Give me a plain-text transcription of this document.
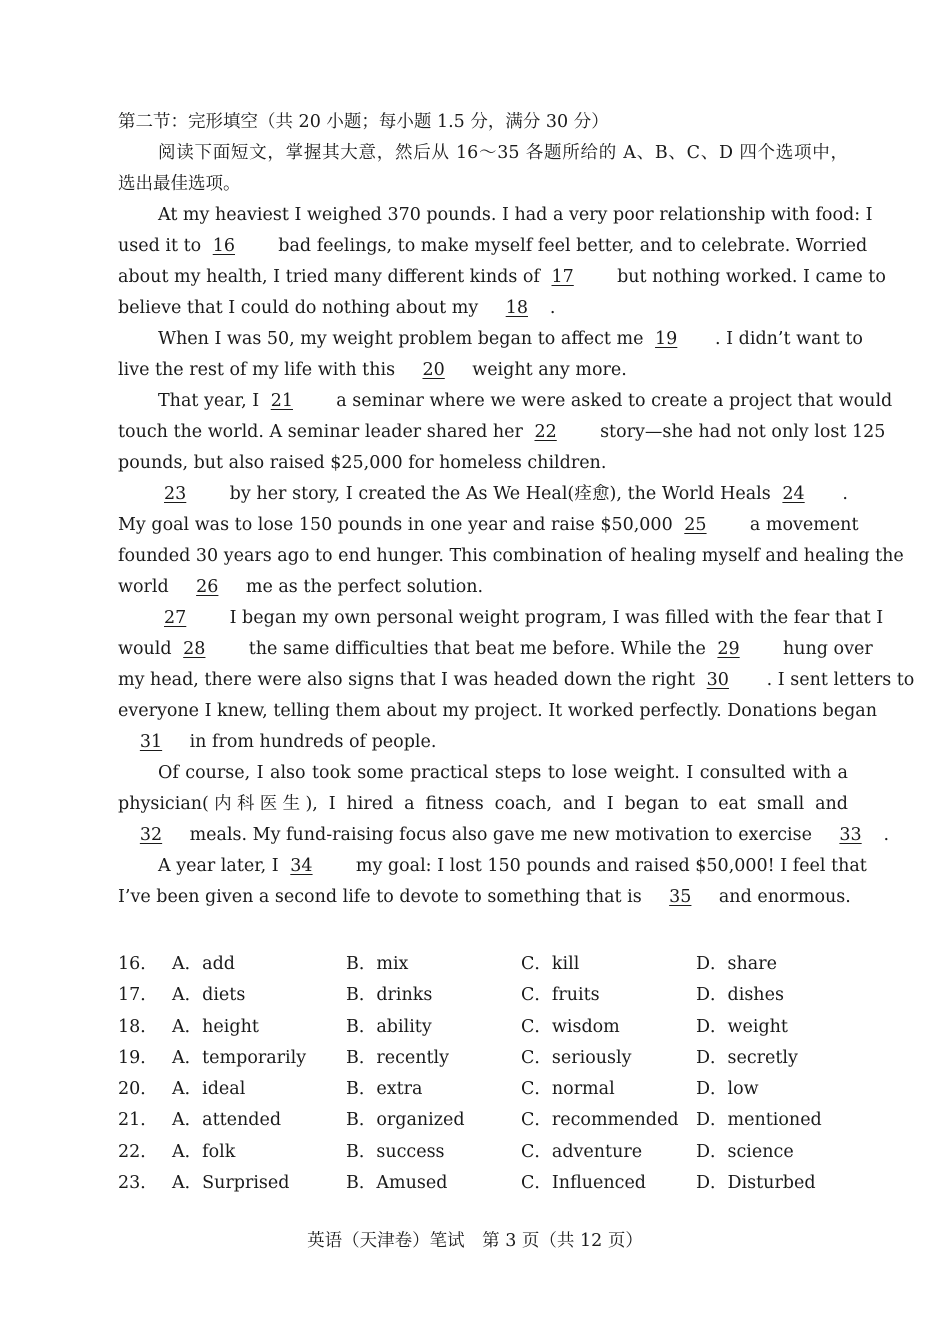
第二节：完形填空（共 20 小题；每小题 1.5 分，满分 30 分）
阅读下面短文，掌握其大意，然后从 16～35 各题所给的 A、B、C、D 四个选项中，
选出最佳选项。
At my heaviest I weighed 370 pounds. I had a very poor relationship with food: I
used it to 16 bad feelings, to make myself feel better, and to celebrate. Worried
about my health, I tried many different kinds of 17 but nothing worked. I came to
believe that I could do nothing about my 18 .
When I was 50, my weight problem began to affect me 19 . I didn’t want to
live the rest of my life with this 20 weight any more.
That year, I 21 a seminar where we were asked to create a project that would
touch the world. A seminar leader shared her 22 story—she had not only lost 125
pounds, but also raised $25,000 for homeless children.
23 by her story, I created the As We Heal(痊愈), the World Heals 24 .
My goal was to lose 150 pounds in one year and raise $50,000 25 a movement
founded 30 years ago to end hunger. This combination of healing myself and healing the
world 26 me as the perfect solution.
27 I began my own personal weight program, I was filled with the fear that I
would 28 the same difficulties that beat me before. While the 29 hung over
my head, there were also signs that I was headed down the right 30 . I sent letters to
everyone I knew, telling them about my project. It worked perfectly. Donations began
31 in from hundreds of people.
Of course, I also took some practical steps to lose weight. I consulted with a
physician(内科医生), I hired a fitness coach, and I began to eat small and
32 meals. My fund-raising focus also gave me new motivation to exercise 33 .
A year later, I 34 my goal: I lost 150 pounds and raised $50,000! I feel that
I’ve been given a second life to devote to something that is 35 and enormous.
16． A．add	B．mix	C．kill	D．share
17． A．diets	B．drinks	C．fruits	D．dishes
18． A．height	B．ability	C．wisdom	D．weight
19． A．temporarily B．recently	C．seriously	D．secretly
20． A．ideal	B．extra	C．normal	D．low
21． A．attended	B．organized	C．recommended D．mentioned
22． A．folk	B．success	C．adventure	D．science
23． A．Surprised	B．Amused	C．Influenced	D．Disturbed
英语（天津卷）笔试　第 3 页（共 12 页）
